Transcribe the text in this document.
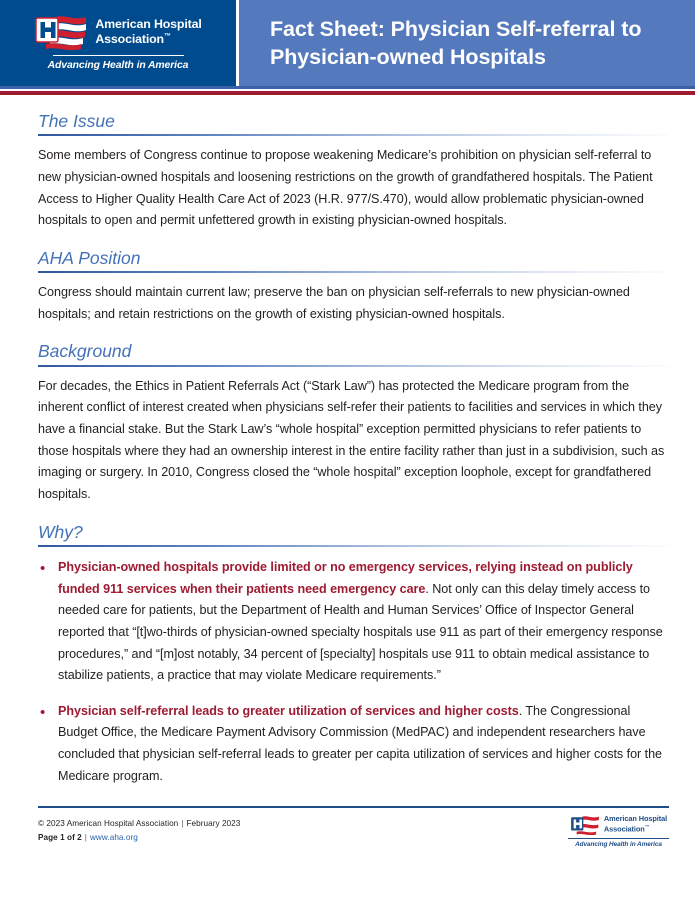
American Hospital
Association™
Advancing Health in America
Fact Sheet: Physician Self-referral to Physician-owned Hospitals
The Issue

Some members of Congress continue to propose weakening Medicare’s prohibition on physician self-referral to new physician-owned hospitals and loosening restrictions on the growth of grandfathered hospitals. The Patient Access to Higher Quality Health Care Act of 2023 (H.R. 977/S.470), would allow problematic physician-owned hospitals to open and permit unfettered growth in existing physician-owned hospitals.

AHA Position

Congress should maintain current law; preserve the ban on physician self-referrals to new physician-owned hospitals; and retain restrictions on the growth of existing physician-owned hospitals.

Background

For decades, the Ethics in Patient Referrals Act (“Stark Law”) has protected the Medicare program from the inherent conflict of interest created when physicians self-refer their patients to facilities and services in which they have a financial stake. But the Stark Law’s “whole hospital” exception permitted physicians to refer patients to those hospitals where they had an ownership interest in the entire facility rather than just in a subdivision, such as imaging or surgery. In 2010, Congress closed the “whole hospital” exception loophole, except for grandfathered hospitals.

Why?
•	Physician-owned hospitals provide limited or no emergency services, relying instead on publicly funded 911 services when their patients need emergency care. Not only can this delay timely access to needed care for patients, but the Department of Health and Human Services’ Office of Inspector General reported that “[t]wo-thirds of physician-owned specialty hospitals use 911 as part of their emergency response procedures,” and “[m]ost notably, 34 percent of [specialty] hospitals use 911 to obtain medical assistance to stabilize patients, a practice that may violate Medicare requirements.”
•	Physician self-referral leads to greater utilization of services and higher costs. The Congressional Budget Office, the Medicare Payment Advisory Commission (MedPAC) and independent researchers have concluded that physician self-referral leads to greater per capita utilization of services and higher costs for the Medicare program.
© 2023 American Hospital Association | February 2023
Page 1 of 2 | www.aha.org
American Hospital
Association™
Advancing Health in America
